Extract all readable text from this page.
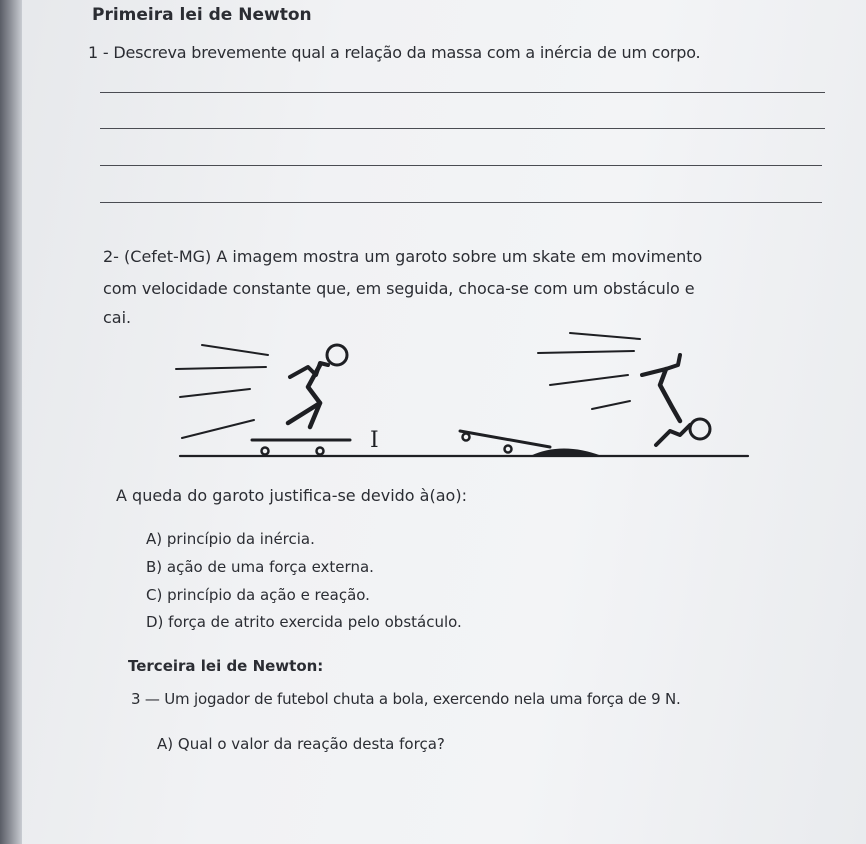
Primeira lei de Newton
1 - Descreva brevemente qual a relação da massa com a inércia de um corpo.
2- (Cefet-MG) A imagem mostra um garoto sobre um skate em movimento
com velocidade constante que, em seguida, choca-se com um obstáculo e
cai.
I
A queda do garoto justifica-se devido à(ao):
A) princípio da inércia.
B) ação de uma força externa.
C) princípio da ação e reação.
D) força de atrito exercida pelo obstáculo.
Terceira lei de Newton:
3 — Um jogador de futebol chuta a bola, exercendo nela uma força de 9 N.
A) Qual o valor da reação desta força?
